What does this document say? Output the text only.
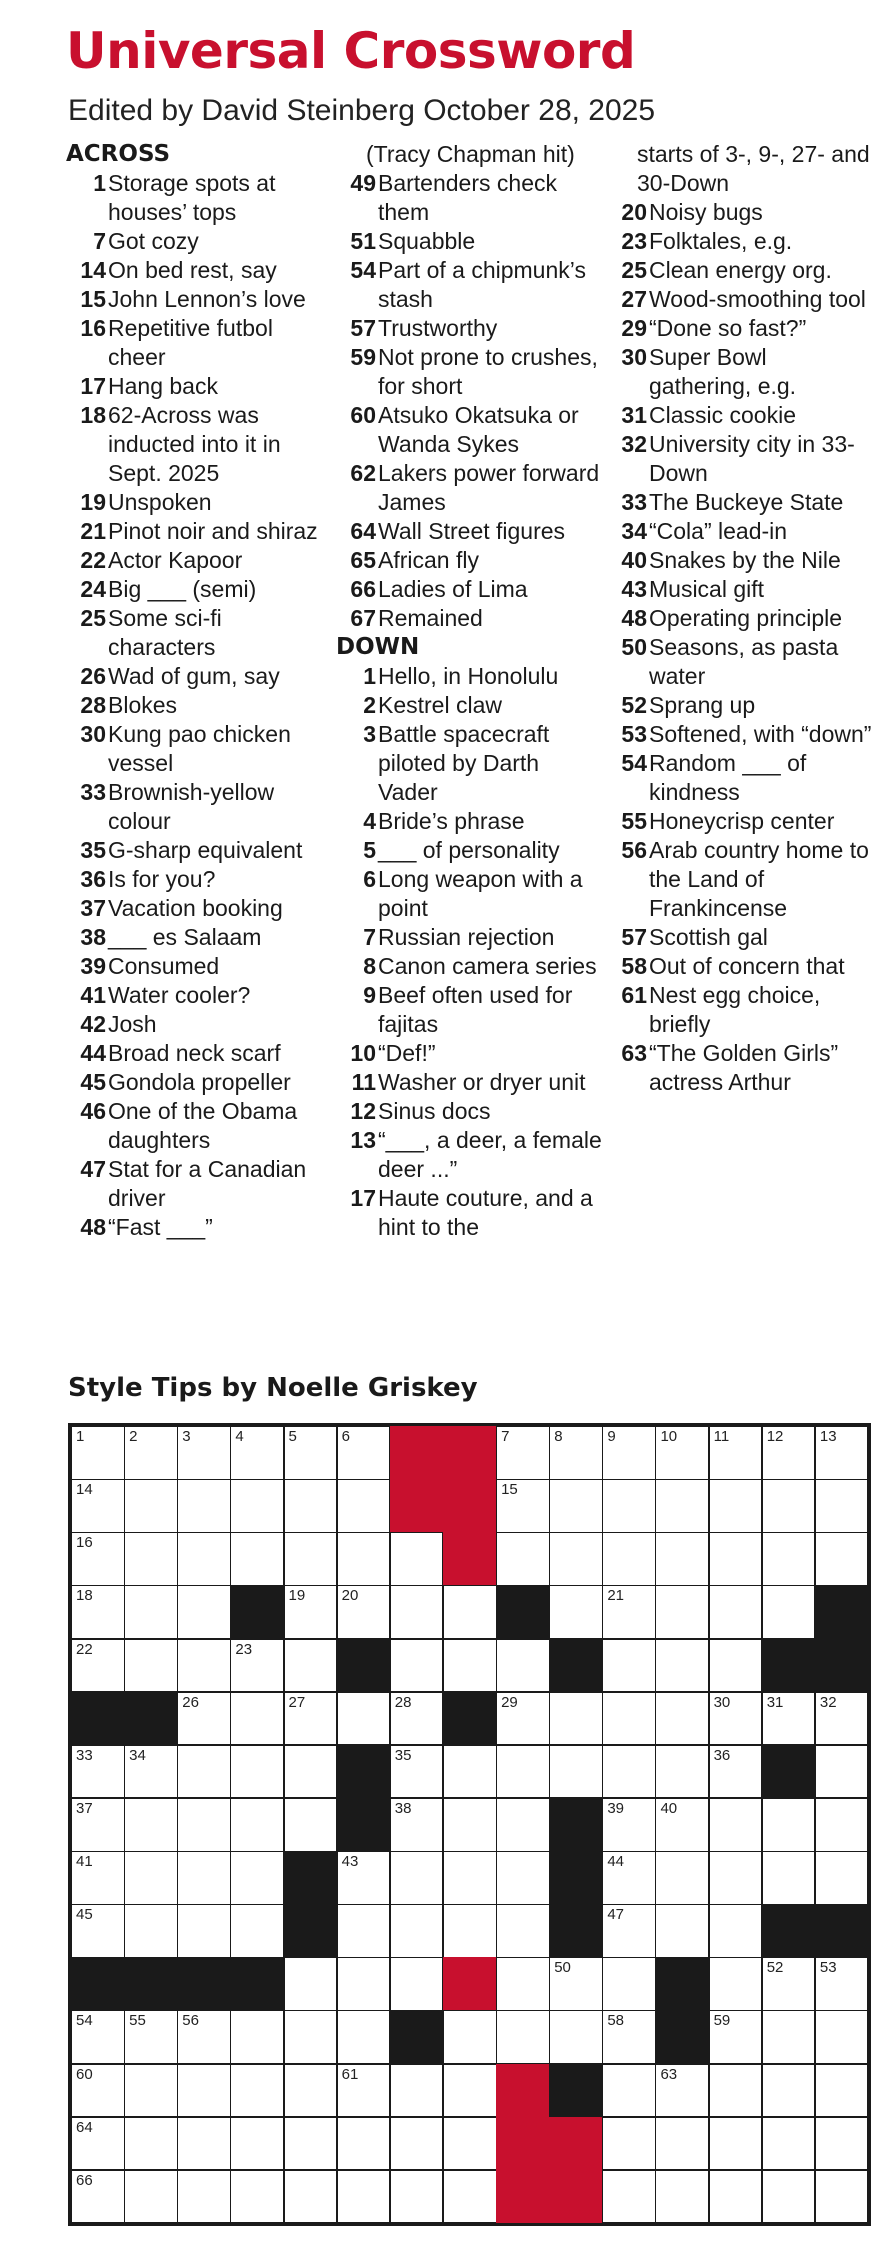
Universal Crossword
Edited by David Steinberg October 28, 2025
ACROSS
1 Storage spots at houses’ tops
7 Got cozy
14 On bed rest, say
15 John Lennon’s love
16 Repetitive futbol cheer
17 Hang back
18 62-Across was inducted into it in Sept. 2025
19 Unspoken
21 Pinot noir and shiraz
22 Actor Kapoor
24 Big ___ (semi)
25 Some sci-fi characters
26 Wad of gum, say
28 Blokes
30 Kung pao chicken vessel
33 Brownish-yellow colour
35 G-sharp equivalent
36 Is for you?
37 Vacation booking
38 ___ es Salaam
39 Consumed
41 Water cooler?
42 Josh
44 Broad neck scarf
45 Gondola propeller
46 One of the Obama daughters
47 Stat for a Canadian driver
48 “Fast ___”
(Tracy Chapman hit)
49 Bartenders check them
51 Squabble
54 Part of a chipmunk’s stash
57 Trustworthy
59 Not prone to crushes, for short
60 Atsuko Okatsuka or Wanda Sykes
62 Lakers power forward James
64 Wall Street figures
65 African fly
66 Ladies of Lima
67 Remained
DOWN
1 Hello, in Honolulu
2 Kestrel claw
3 Battle spacecraft piloted by Darth Vader
4 Bride’s phrase
5 ___ of personality
6 Long weapon with a point
7 Russian rejection
8 Canon camera series
9 Beef often used for fajitas
10 “Def!”
11 Washer or dryer unit
12 Sinus docs
13 “___, a deer, a female deer ...”
17 Haute couture, and a hint to the
starts of 3-, 9-, 27- and 30-Down
20 Noisy bugs
23 Folktales, e.g.
25 Clean energy org.
27 Wood-smoothing tool
29 “Done so fast?”
30 Super Bowl gathering, e.g.
31 Classic cookie
32 University city in 33-Down
33 The Buckeye State
34 “Cola” lead-in
40 Snakes by the Nile
43 Musical gift
48 Operating principle
50 Seasons, as pasta water
52 Sprang up
53 Softened, with “down”
54 Random ___ of kindness
55 Honeycrisp center
56 Arab country home to the Land of Frankincense
57 Scottish gal
58 Out of concern that
61 Nest egg choice, briefly
63 “The Golden Girls” actress Arthur
Style Tips by Noelle Griskey
1	2	3	4	5	6	7	8	9	10 11	12 13
14	15
16
18	19 20	21
22	23
26	27	28	29	30 31 32
33 34	35	36
37	38	39 40
41	43	44
45	47
50	52 53
54 55 56	58	59
60	61	63
64
66
